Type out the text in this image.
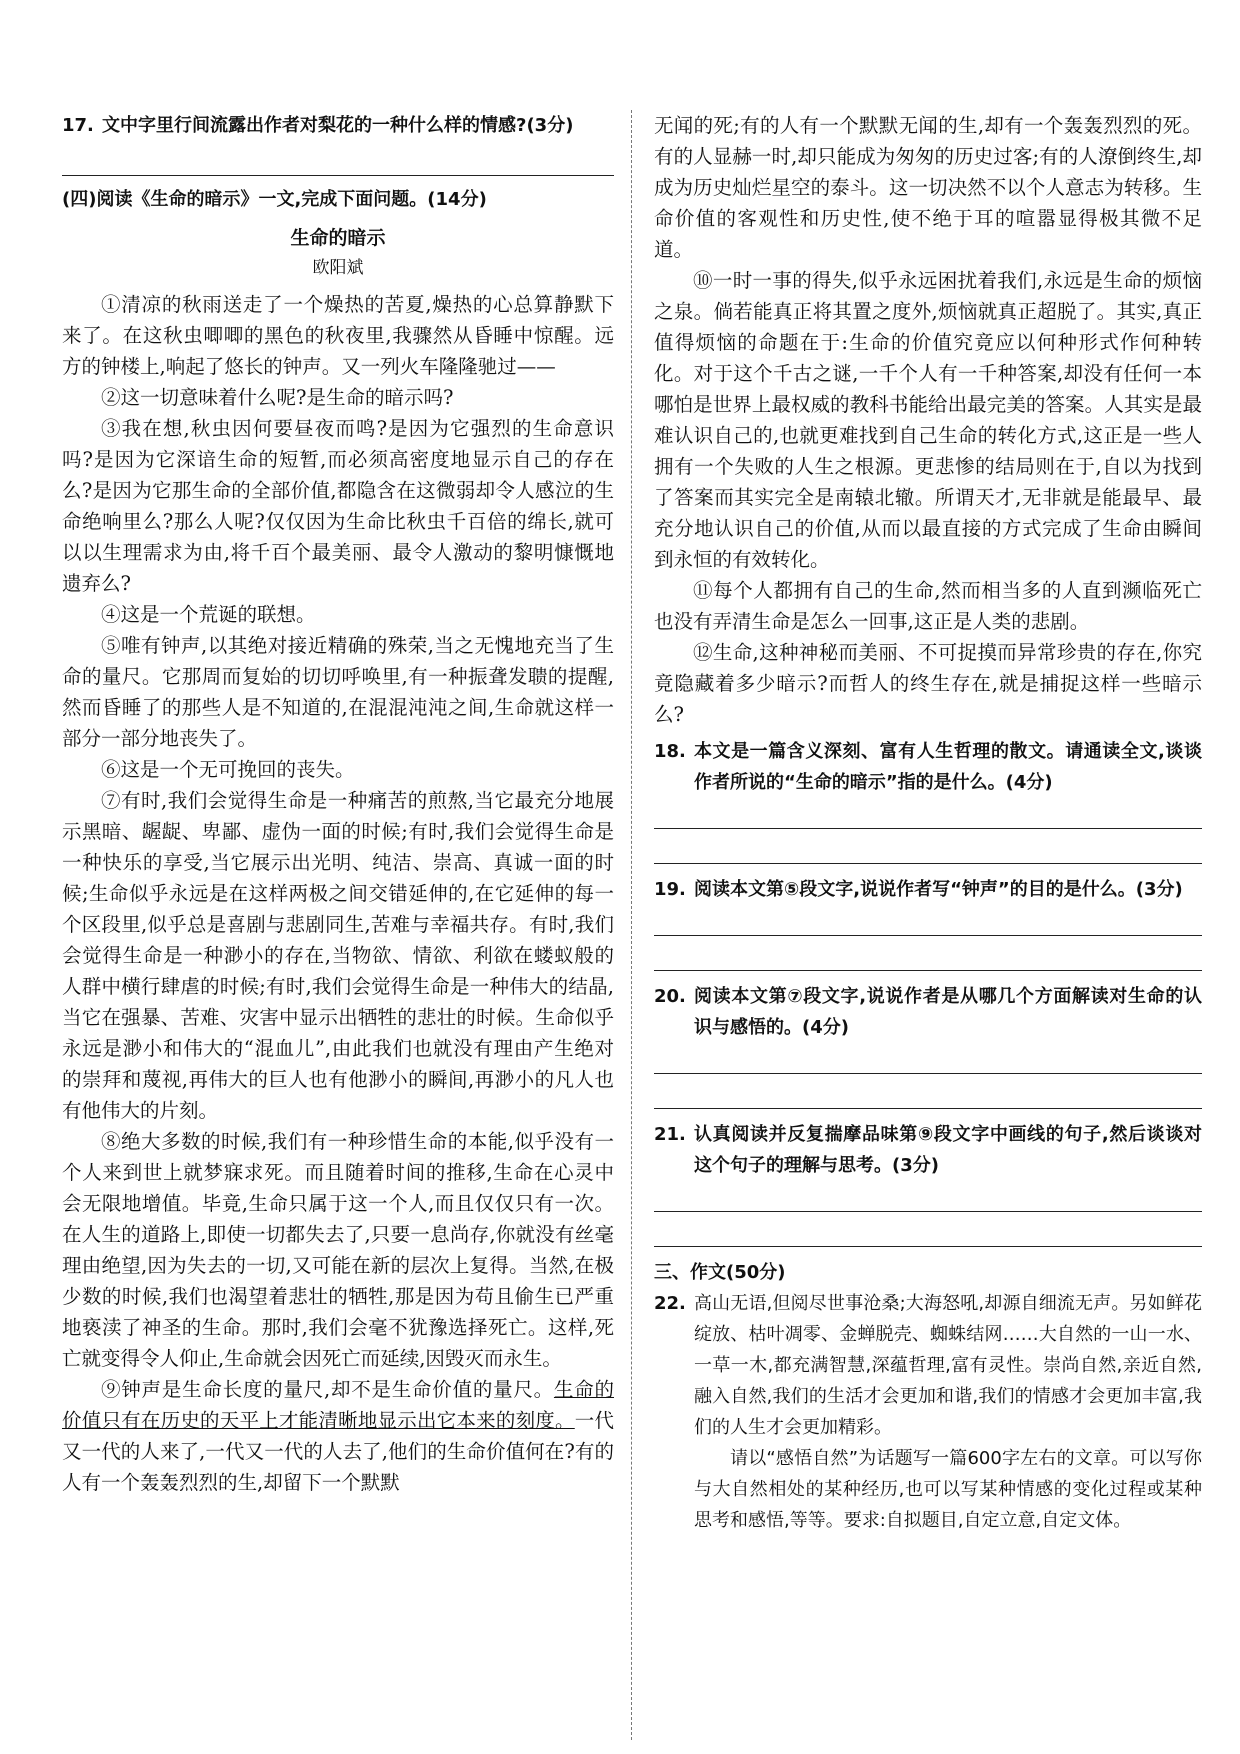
17. 文中字里行间流露出作者对梨花的一种什么样的情感?(3分)

(四)阅读《生命的暗示》一文,完成下面问题。(14分)

生命的暗示

欧阳斌

①清凉的秋雨送走了一个燥热的苦夏,燥热的心总算静默下来了。在这秋虫唧唧的黑色的秋夜里,我骤然从昏睡中惊醒。远方的钟楼上,响起了悠长的钟声。又一列火车隆隆驰过——

②这一切意味着什么呢?是生命的暗示吗?

③我在想,秋虫因何要昼夜而鸣?是因为它强烈的生命意识吗?是因为它深谙生命的短暂,而必须高密度地显示自己的存在么?是因为它那生命的全部价值,都隐含在这微弱却令人感泣的生命绝响里么?那么人呢?仅仅因为生命比秋虫千百倍的绵长,就可以以生理需求为由,将千百个最美丽、最令人激动的黎明慷慨地遗弃么?

④这是一个荒诞的联想。

⑤唯有钟声,以其绝对接近精确的殊荣,当之无愧地充当了生命的量尺。它那周而复始的切切呼唤里,有一种振聋发聩的提醒,然而昏睡了的那些人是不知道的,在混混沌沌之间,生命就这样一部分一部分地丧失了。

⑥这是一个无可挽回的丧失。

⑦有时,我们会觉得生命是一种痛苦的煎熬,当它最充分地展示黑暗、龌龊、卑鄙、虚伪一面的时候;有时,我们会觉得生命是一种快乐的享受,当它展示出光明、纯洁、崇高、真诚一面的时候;生命似乎永远是在这样两极之间交错延伸的,在它延伸的每一个区段里,似乎总是喜剧与悲剧同生,苦难与幸福共存。有时,我们会觉得生命是一种渺小的存在,当物欲、情欲、利欲在蝼蚁般的人群中横行肆虐的时候;有时,我们会觉得生命是一种伟大的结晶,当它在强暴、苦难、灾害中显示出牺牲的悲壮的时候。生命似乎永远是渺小和伟大的“混血儿”,由此我们也就没有理由产生绝对的崇拜和蔑视,再伟大的巨人也有他渺小的瞬间,再渺小的凡人也有他伟大的片刻。

⑧绝大多数的时候,我们有一种珍惜生命的本能,似乎没有一个人来到世上就梦寐求死。而且随着时间的推移,生命在心灵中会无限地增值。毕竟,生命只属于这一个人,而且仅仅只有一次。在人生的道路上,即使一切都失去了,只要一息尚存,你就没有丝毫理由绝望,因为失去的一切,又可能在新的层次上复得。当然,在极少数的时候,我们也渴望着悲壮的牺牲,那是因为苟且偷生已严重地亵渎了神圣的生命。那时,我们会毫不犹豫选择死亡。这样,死亡就变得令人仰止,生命就会因死亡而延续,因毁灭而永生。

⑨钟声是生命长度的量尺,却不是生命价值的量尺。生命的价值只有在历史的天平上才能清晰地显示出它本来的刻度。一代又一代的人来了,一代又一代的人去了,他们的生命价值何在?有的人有一个轰轰烈烈的生,却留下一个默默

无闻的死;有的人有一个默默无闻的生,却有一个轰轰烈烈的死。有的人显赫一时,却只能成为匆匆的历史过客;有的人潦倒终生,却成为历史灿烂星空的泰斗。这一切决然不以个人意志为转移。生命价值的客观性和历史性,使不绝于耳的喧嚣显得极其微不足道。

⑩一时一事的得失,似乎永远困扰着我们,永远是生命的烦恼之泉。倘若能真正将其置之度外,烦恼就真正超脱了。其实,真正值得烦恼的命题在于:生命的价值究竟应以何种形式作何种转化。对于这个千古之谜,一千个人有一千种答案,却没有任何一本哪怕是世界上最权威的教科书能给出最完美的答案。人其实是最难认识自己的,也就更难找到自己生命的转化方式,这正是一些人拥有一个失败的人生之根源。更悲惨的结局则在于,自以为找到了答案而其实完全是南辕北辙。所谓天才,无非就是能最早、最充分地认识自己的价值,从而以最直接的方式完成了生命由瞬间到永恒的有效转化。

⑪每个人都拥有自己的生命,然而相当多的人直到濒临死亡也没有弄清生命是怎么一回事,这正是人类的悲剧。

⑫生命,这种神秘而美丽、不可捉摸而异常珍贵的存在,你究竟隐藏着多少暗示?而哲人的终生存在,就是捕捉这样一些暗示么?

18. 本文是一篇含义深刻、富有人生哲理的散文。请通读全文,谈谈作者所说的“生命的暗示”指的是什么。(4分)
19. 阅读本文第⑤段文字,说说作者写“钟声”的目的是什么。(3分)
20. 阅读本文第⑦段文字,说说作者是从哪几个方面解读对生命的认识与感悟的。(4分)
21. 认真阅读并反复揣摩品味第⑨段文字中画线的句子,然后谈谈对这个句子的理解与思考。(3分)

三、作文(50分)

22. 高山无语,但阅尽世事沧桑;大海怒吼,却源自细流无声。另如鲜花绽放、枯叶凋零、金蝉脱壳、蜘蛛结网……大自然的一山一水、一草一木,都充满智慧,深蕴哲理,富有灵性。崇尚自然,亲近自然,融入自然,我们的生活才会更加和谐,我们的情感才会更加丰富,我们的人生才会更加精彩。

请以“感悟自然”为话题写一篇600字左右的文章。可以写你与大自然相处的某种经历,也可以写某种情感的变化过程或某种思考和感悟,等等。要求:自拟题目,自定立意,自定文体。
